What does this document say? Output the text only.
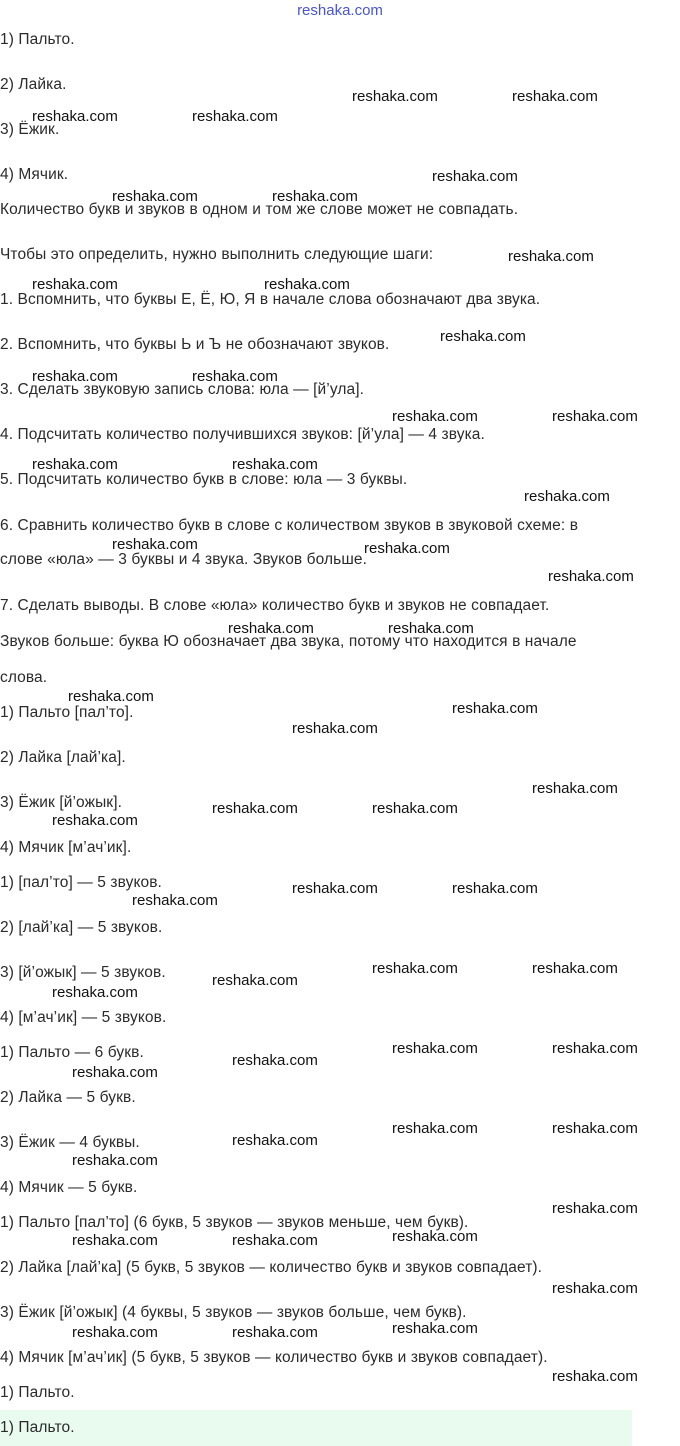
reshaka.com
1) Пальто.
2) Лайка.
3) Ёжик.
4) Мячик.
Количество букв и звуков в одном и том же слове может не совпадать.
Чтобы это определить, нужно выполнить следующие шаги:
1. Вспомнить, что буквы Е, Ё, Ю, Я в начале слова обозначают два звука.
2. Вспомнить, что буквы Ь и Ъ не обозначают звуков.
3. Сделать звуковую запись слова: юла — [й’ула].
4. Подсчитать количество получившихся звуков: [й’ула] — 4 звука.
5. Подсчитать количество букв в слове: юла — 3 буквы.
6. Сравнить количество букв в слове с количеством звуков в звуковой схеме: в
слове «юла» — 3 буквы и 4 звука. Звуков больше.
7. Сделать выводы. В слове «юла» количество букв и звуков не совпадает.
Звуков больше: буква Ю обозначает два звука, потому что находится в начале
слова.
1) Пальто [пал’то].
2) Лайка [лай’ка].
3) Ёжик [й’ожык].
4) Мячик [м’ач’ик].
1) [пал’то] — 5 звуков.
2) [лай’ка] — 5 звуков.
3) [й’ожык] — 5 звуков.
4) [м’ач’ик] — 5 звуков.
1) Пальто — 6 букв.
2) Лайка — 5 букв.
3) Ёжик — 4 буквы.
4) Мячик — 5 букв.
1) Пальто [пал’то] (6 букв, 5 звуков — звуков меньше, чем букв).
2) Лайка [лай’ка] (5 букв, 5 звуков — количество букв и звуков совпадает).
3) Ёжик [й’ожык] (4 буквы, 5 звуков — звуков больше, чем букв).
4) Мячик [м’ач’ик] (5 букв, 5 звуков — количество букв и звуков совпадает).
1) Пальто.
1) Пальто.
reshaka.com	reshaka.com
reshaka.com	reshaka.com
reshaka.com
reshaka.com	reshaka.com
reshaka.com
reshaka.com	reshaka.com
reshaka.com
reshaka.com	reshaka.com
reshaka.com	reshaka.com
reshaka.com	reshaka.com
reshaka.com
reshaka.com	reshaka.com
reshaka.com
reshaka.com	reshaka.com
reshaka.com
reshaka.com
reshaka.com
reshaka.com
reshaka.com	reshaka.com
reshaka.com
reshaka.com	reshaka.com
reshaka.com
reshaka.com	reshaka.com
reshaka.com
reshaka.com
reshaka.com	reshaka.com
reshaka.com
reshaka.com
reshaka.com	reshaka.com
reshaka.com
reshaka.com
reshaka.com
reshaka.com
reshaka.com	reshaka.com
reshaka.com
reshaka.com
reshaka.com	reshaka.com
reshaka.com
